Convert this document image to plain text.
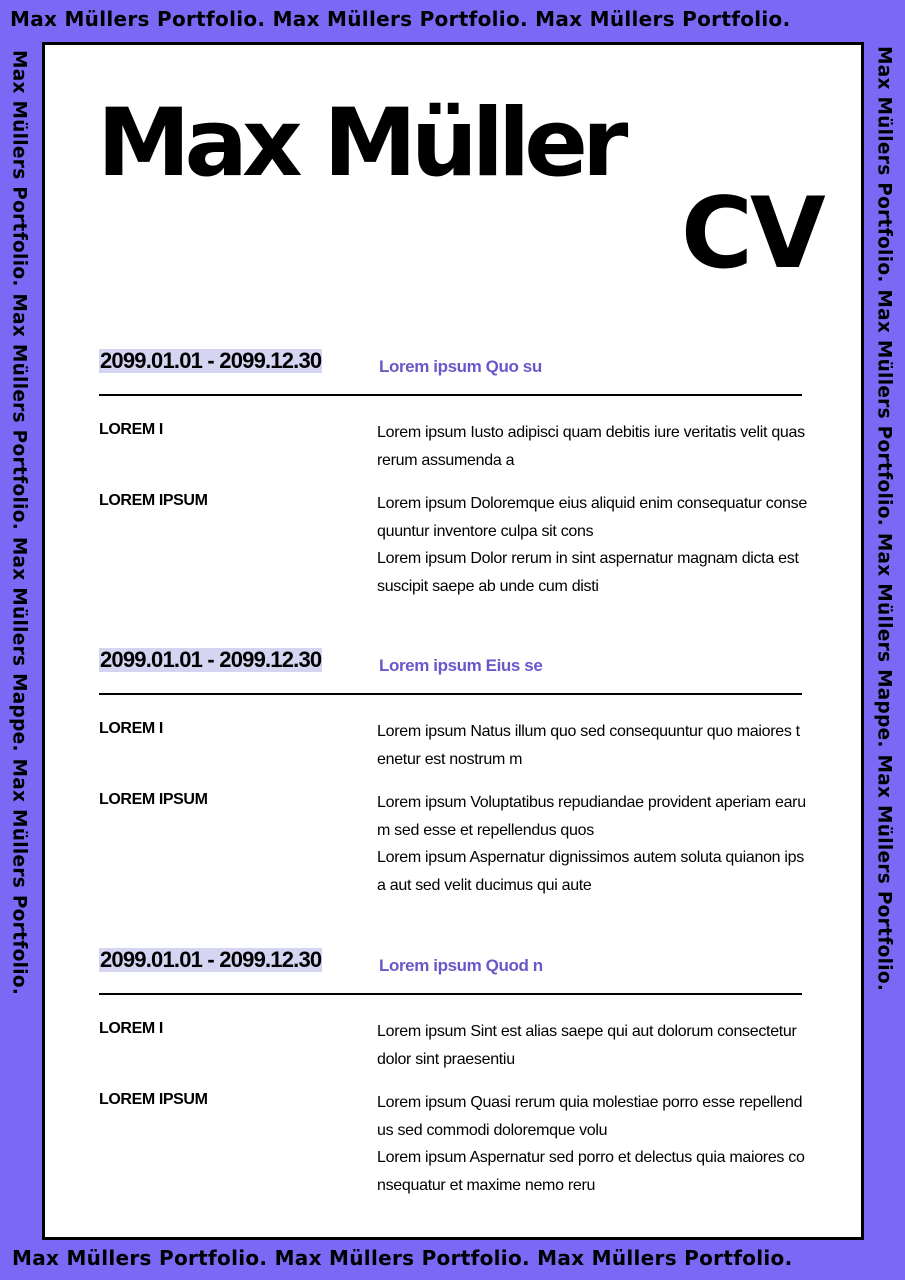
Max Müllers Portfolio. Max Müllers Portfolio. Max Müllers Portfolio.
Max Müllers Portfolio. Max Müllers Portfolio. Max Müllers Mappe. Max Müllers Portfolio.	Max Müllers Portfolio. Max Müllers Portfolio. Max Müllers Mappe. Max Müllers Portfolio.
Max Müllers Portfolio. Max Müllers Portfolio. Max Müllers Portfolio.
Max Müller
CV
2099.01.01 - 2099.12.30	Lorem ipsum Quo su
LOREM I	Lorem ipsum Iusto adipisci quam debitis iure veritatis velit quas rerum assumenda a
LOREM IPSUM	Lorem ipsum Doloremque eius aliquid enim consequatur consequuntur inventore culpa sit cons
Lorem ipsum Dolor rerum in sint aspernatur magnam dicta est suscipit saepe ab unde cum disti
2099.01.01 - 2099.12.30	Lorem ipsum Eius se
LOREM I	Lorem ipsum Natus illum quo sed consequuntur quo maiores tenetur est nostrum m
LOREM IPSUM	Lorem ipsum Voluptatibus repudiandae provident aperiam earum sed esse et repellendus quos
Lorem ipsum Aspernatur dignissimos autem soluta quianon ipsa aut sed velit ducimus qui aute
2099.01.01 - 2099.12.30	Lorem ipsum Quod n
LOREM I	Lorem ipsum Sint est alias saepe qui aut dolorum consectetur dolor sint praesentiu
LOREM IPSUM	Lorem ipsum Quasi rerum quia molestiae porro esse repellendus sed commodi doloremque volu
Lorem ipsum Aspernatur sed porro et delectus quia maiores consequatur et maxime nemo reru
